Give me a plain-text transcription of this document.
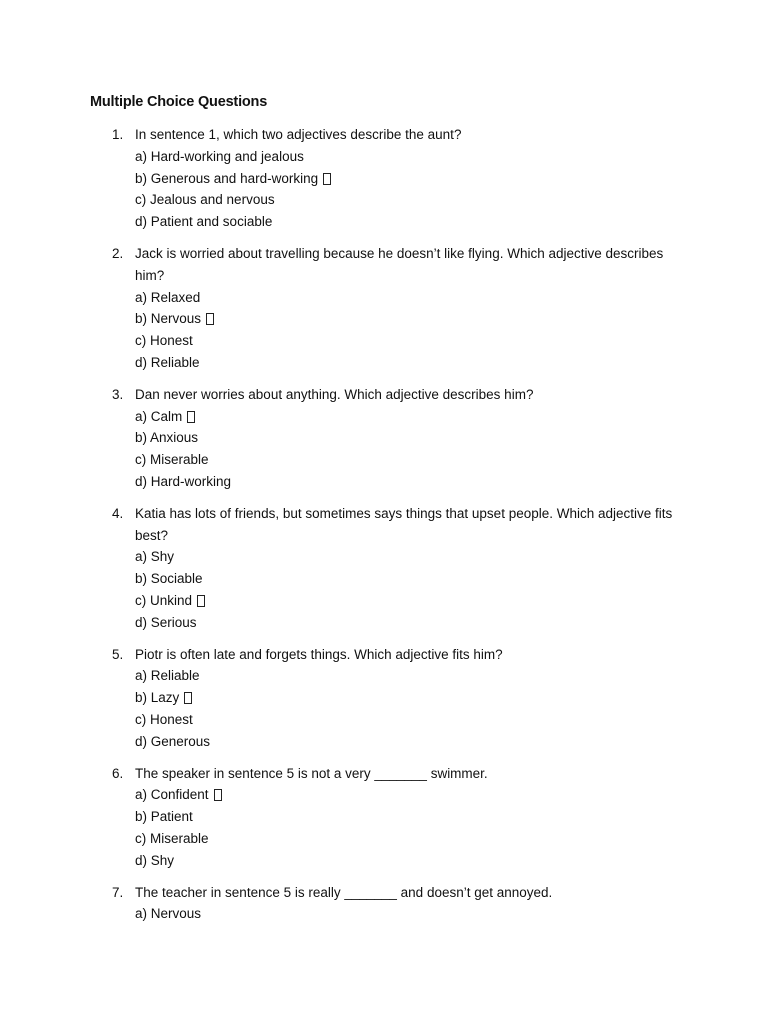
Multiple Choice Questions
1. In sentence 1, which two adjectives describe the aunt?
a) Hard-working and jealous
b) Generous and hard-working
c) Jealous and nervous
d) Patient and sociable
2. Jack is worried about travelling because he doesn’t like flying. Which adjective describes him?
a) Relaxed
b) Nervous
c) Honest
d) Reliable
3. Dan never worries about anything. Which adjective describes him?
a) Calm
b) Anxious
c) Miserable
d) Hard-working
4. Katia has lots of friends, but sometimes says things that upset people. Which adjective fits best?
a) Shy
b) Sociable
c) Unkind
d) Serious
5. Piotr is often late and forgets things. Which adjective fits him?
a) Reliable
b) Lazy
c) Honest
d) Generous
6. The speaker in sentence 5 is not a very _______ swimmer.
a) Confident
b) Patient
c) Miserable
d) Shy
7. The teacher in sentence 5 is really _______ and doesn’t get annoyed.
a) Nervous
